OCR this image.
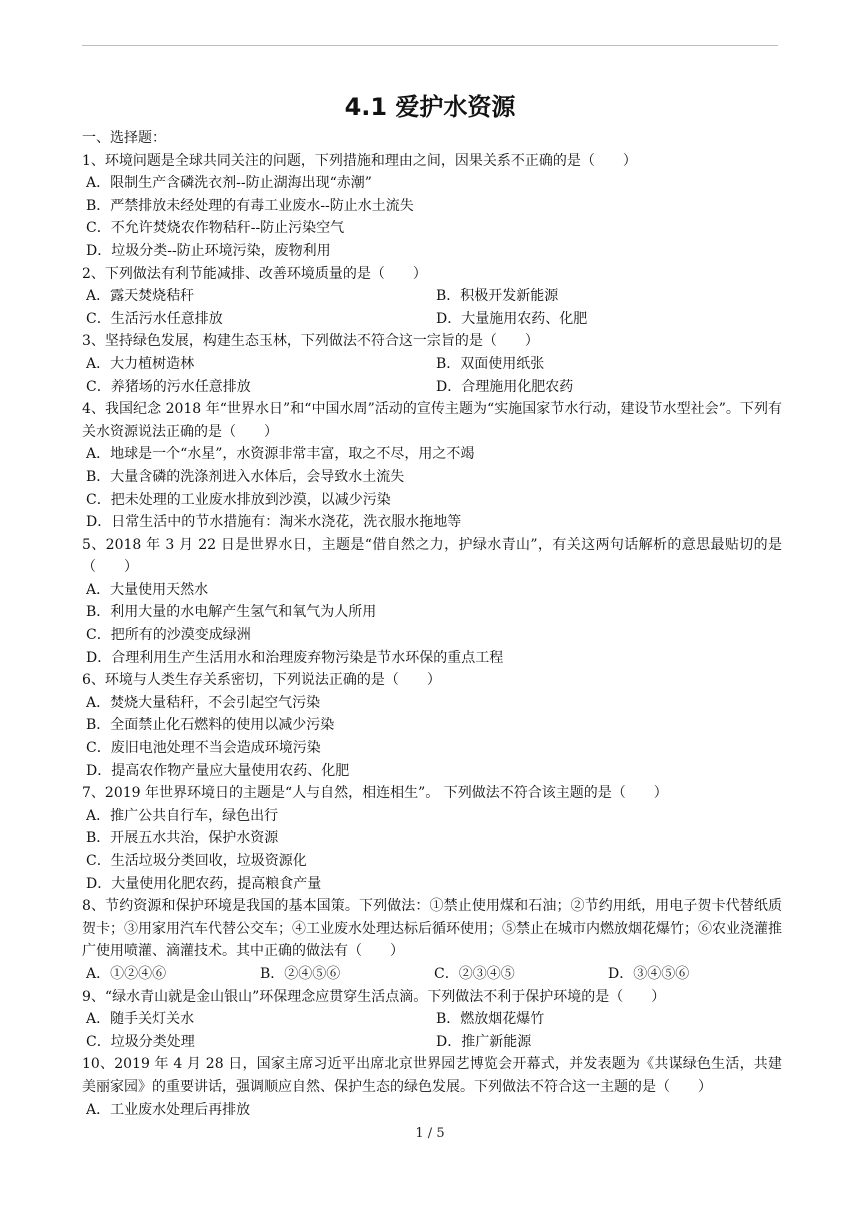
4.1 爱护水资源
一、选择题：
1、环境问题是全球共同关注的问题，下列措施和理由之间，因果关系不正确的是（　　）
A．限制生产含磷洗衣剂--防止湖海出现“赤潮”
B．严禁排放未经处理的有毒工业废水--防止水土流失
C．不允许焚烧农作物秸秆--防止污染空气
D．垃圾分类--防止环境污染，废物利用
2、下列做法有利节能减排、改善环境质量的是（　　）
A．露天焚烧秸秆	B．积极开发新能源
C．生活污水任意排放	D．大量施用农药、化肥
3、坚持绿色发展，构建生态玉林，下列做法不符合这一宗旨的是（　　）
A．大力植树造林	B．双面使用纸张
C．养猪场的污水任意排放	D．合理施用化肥农药
4、我国纪念 2018 年“世界水日”和“中国水周”活动的宣传主题为“实施国家节水行动，建设节水型社会”。下列有关水资源说法正确的是（　　）
A．地球是一个“水星”，水资源非常丰富，取之不尽，用之不竭
B．大量含磷的洗涤剂进入水体后，会导致水土流失
C．把未处理的工业废水排放到沙漠，以减少污染
D．日常生活中的节水措施有：淘米水浇花，洗衣服水拖地等
5、2018 年 3 月 22 日是世界水日，主题是“借自然之力，护绿水青山”，有关这两句话解析的意思最贴切的是（　　）
A．大量使用天然水
B．利用大量的水电解产生氢气和氧气为人所用
C．把所有的沙漠变成绿洲
D．合理利用生产生活用水和治理废弃物污染是节水环保的重点工程
6、环境与人类生存关系密切，下列说法正确的是（　　）
A．焚烧大量秸秆，不会引起空气污染
B．全面禁止化石燃料的使用以减少污染
C．废旧电池处理不当会造成环境污染
D．提高农作物产量应大量使用农药、化肥
7、2019 年世界环境日的主题是“人与自然，相连相生”。 下列做法不符合该主题的是（　　）
A．推广公共自行车，绿色出行
B．开展五水共治，保护水资源
C．生活垃圾分类回收，垃圾资源化
D．大量使用化肥农药，提高粮食产量
8、节约资源和保护环境是我国的基本国策。下列做法：①禁止使用煤和石油；②节约用纸，用电子贺卡代替纸质贺卡；③用家用汽车代替公交车；④工业废水处理达标后循环使用；⑤禁止在城市内燃放烟花爆竹；⑥农业浇灌推广使用喷灌、滴灌技术。其中正确的做法有（　　）
A．①②④⑥	B．②④⑤⑥	C．②③④⑤	D．③④⑤⑥
9、“绿水青山就是金山银山”环保理念应贯穿生活点滴。下列做法不利于保护环境的是（　　）
A．随手关灯关水	B．燃放烟花爆竹
C．垃圾分类处理	D．推广新能源
10、2019 年 4 月 28 日，国家主席习近平出席北京世界园艺博览会开幕式，并发表题为《共谋绿色生活，共建美丽家园》的重要讲话，强调顺应自然、保护生态的绿色发展。下列做法不符合这一主题的是（　　）
A．工业废水处理后再排放
1 / 5
